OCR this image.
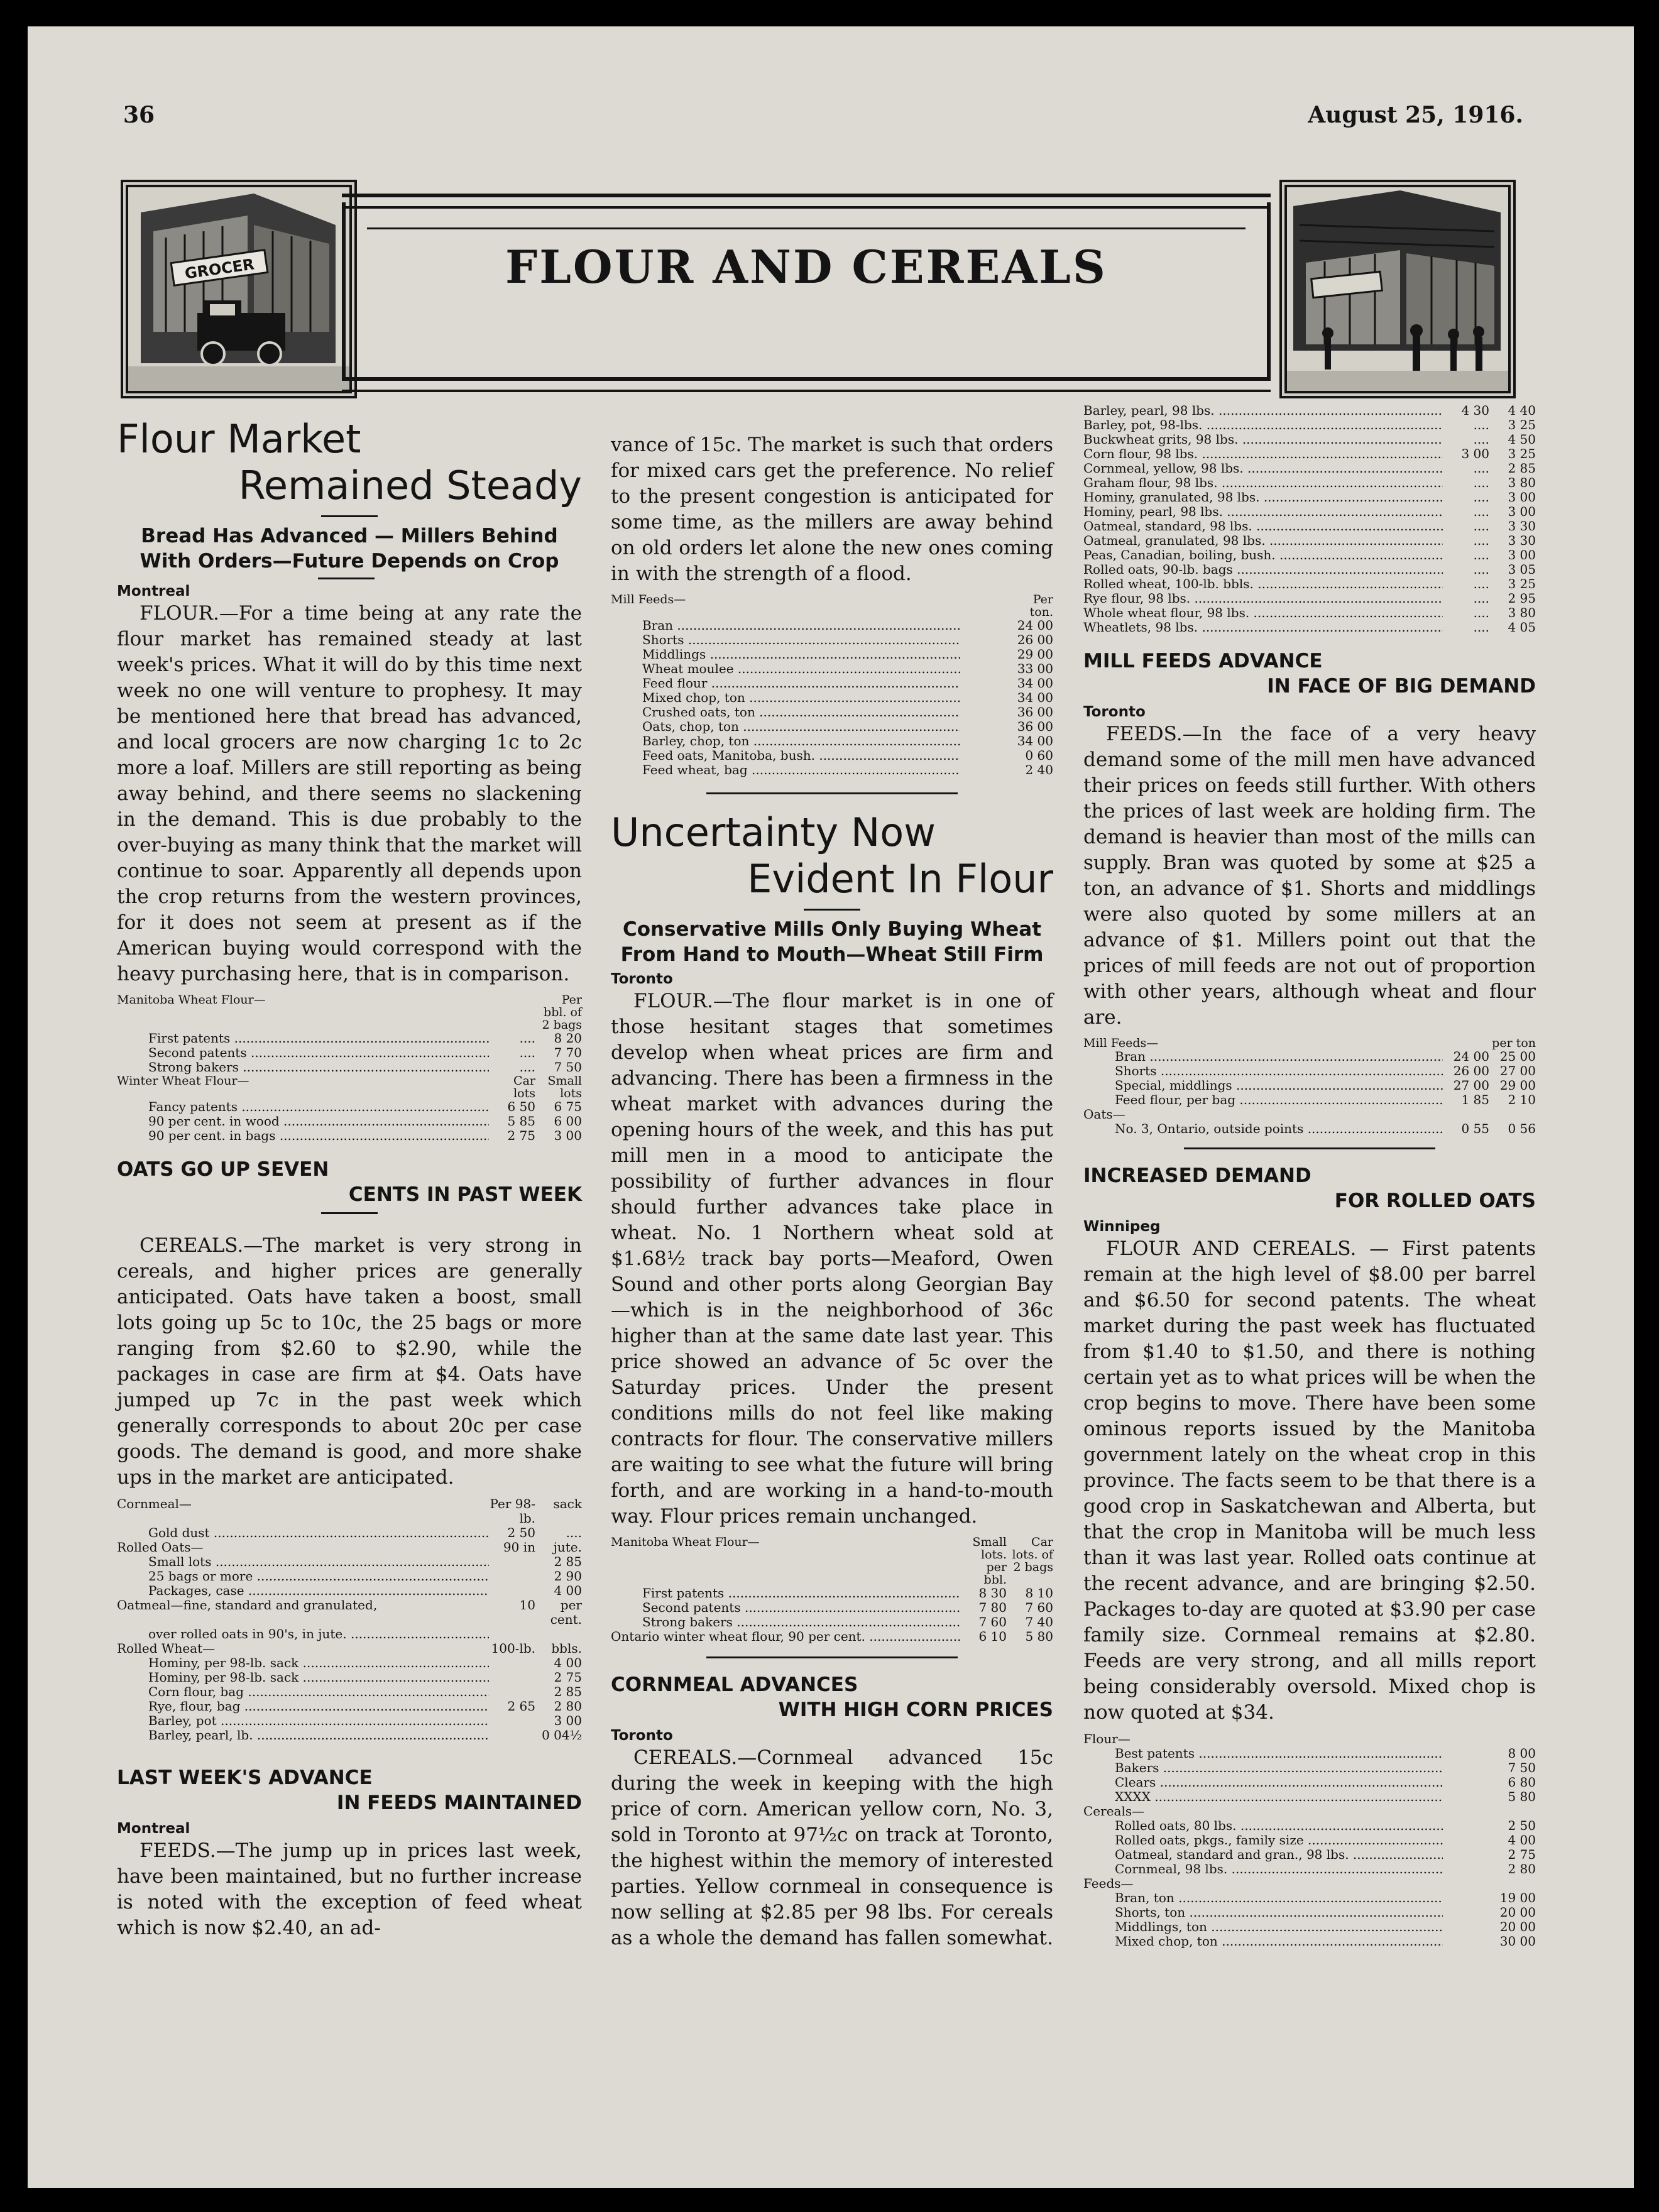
36	August 25, 1916.
GROCER	FLOUR AND CEREALS
Flour Market
Remained Steady
Bread Has Advanced — Millers Behind With Orders—Future Depends on Crop
Montreal

FLOUR.—For a time being at any rate the flour market has remained steady at last week's prices. What it will do by this time next week no one will venture to prophesy. It may be mentioned here that bread has advanced, and local grocers are now charging 1c to 2c more a loaf. Millers are still reporting as being away behind, and there seems no slackening in the demand. This is due probably to the over-buying as many think that the market will continue to soar. Apparently all depends upon the crop returns from the western provinces, for it does not seem at present as if the American buying would correspond with the heavy purchasing here, that is in comparison.

Manitoba Wheat Flour—	Per bbl. of 2 bags
First patents .....	....	8 20
Second patents .....	....	7 70
Strong bakers .....	....	7 50
Winter Wheat Flour—	Car lots
Small lots
Fancy patents .....	6 50	6 75
90 per cent. in wood .....	5 85	6 00
90 per cent. in bags .....	2 75	3 00
OATS GO UP SEVEN
CENTS IN PAST WEEK

CEREALS.—The market is very strong in cereals, and higher prices are generally anticipated. Oats have taken a boost, small lots going up 5c to 10c, the 25 bags or more ranging from $2.60 to $2.90, while the packages in case are firm at $4. Oats have jumped up 7c in the past week which generally corresponds to about 20c per case goods. The demand is good, and more shake ups in the market are anticipated.

Cornmeal—	Per 98-lb.
sack
Gold dust .....	2 50	....
Rolled Oats—	90 in	jute.
Small lots .....	2 85
25 bags or more .....	2 90
Packages, case .....	4 00
Oatmeal—fine, standard and granulated,	10	per cent.
over rolled oats in 90's, in jute. .....
Rolled Wheat—	100-lb.	bbls.
Hominy, per 98-lb. sack .....	4 00
Hominy, per 98-lb. sack .....	2 75
Corn flour, bag .....	2 85
Rye, flour, bag .....	2 65	2 80
Barley, pot .....	3 00
Barley, pearl, lb. .....	0 04½
LAST WEEK'S ADVANCE
IN FEEDS MAINTAINED
Montreal

FEEDS.—The jump up in prices last week, have been maintained, but no further increase is noted with the exception of feed wheat which is now $2.40, an ad-

vance of 15c. The market is such that orders for mixed cars get the preference. No relief to the present congestion is anticipated for some time, as the millers are away behind on old orders let alone the new ones coming in with the strength of a flood.

Mill Feeds—	Per ton.
Bran .....	24 00
Shorts .....	26 00
Middlings .....	29 00
Wheat moulee .....	33 00
Feed flour .....	34 00
Mixed chop, ton .....	34 00
Crushed oats, ton .....	36 00
Oats, chop, ton .....	36 00
Barley, chop, ton .....	34 00
Feed oats, Manitoba, bush. .....	0 60
Feed wheat, bag .....	2 40
Uncertainty Now
Evident In Flour
Conservative Mills Only Buying Wheat From Hand to Mouth—Wheat Still Firm
Toronto

FLOUR.—The flour market is in one of those hesitant stages that sometimes develop when wheat prices are firm and advancing. There has been a firmness in the wheat market with advances during the opening hours of the week, and this has put mill men in a mood to anticipate the possibility of further advances in flour should further advances take place in wheat. No. 1 Northern wheat sold at $1.68½ track bay ports—Meaford, Owen Sound and other ports along Georgian Bay—which is in the neighborhood of 36c higher than at the same date last year. This price showed an advance of 5c over the Saturday prices. Under the present conditions mills do not feel like making contracts for flour. The conservative millers are waiting to see what the future will bring forth, and are working in a hand-to-mouth way. Flour prices remain unchanged.

Manitoba Wheat Flour—	Small lots. per bbl.
Car lots. of 2 bags
First patents .....	8 30	8 10
Second patents .....	7 80	7 60
Strong bakers .....	7 60	7 40
Ontario winter wheat flour, 90 per cent. .....	6 10	5 80
CORNMEAL ADVANCES
WITH HIGH CORN PRICES
Toronto

CEREALS.—Cornmeal advanced 15c during the week in keeping with the high price of corn. American yellow corn, No. 3, sold in Toronto at 97½c on track at Toronto, the highest within the memory of interested parties. Yellow cornmeal in consequence is now selling at $2.85 per 98 lbs. For cereals as a whole the demand has fallen somewhat.

Barley, pearl, 98 lbs. .....	4 30	4 40
Barley, pot, 98-lbs. .....	....	3 25
Buckwheat grits, 98 lbs. .....	....	4 50
Corn flour, 98 lbs. .....	3 00	3 25
Cornmeal, yellow, 98 lbs. .....	....	2 85
Graham flour, 98 lbs. .....	....	3 80
Hominy, granulated, 98 lbs. .....	....	3 00
Hominy, pearl, 98 lbs. .....	....	3 00
Oatmeal, standard, 98 lbs. .....	....	3 30
Oatmeal, granulated, 98 lbs. .....	....	3 30
Peas, Canadian, boiling, bush. .....	....	3 00
Rolled oats, 90-lb. bags .....	....	3 05
Rolled wheat, 100-lb. bbls. .....	....	3 25
Rye flour, 98 lbs. .....	....	2 95
Whole wheat flour, 98 lbs. .....	....	3 80
Wheatlets, 98 lbs. .....	....	4 05
MILL FEEDS ADVANCE
IN FACE OF BIG DEMAND
Toronto

FEEDS.—In the face of a very heavy demand some of the mill men have advanced their prices on feeds still further. With others the prices of last week are holding firm. The demand is heavier than most of the mills can supply. Bran was quoted by some at $25 a ton, an advance of $1. Shorts and middlings were also quoted by some millers at an advance of $1. Millers point out that the prices of mill feeds are not out of proportion with other years, although wheat and flour are.

Mill Feeds—	per ton
Bran .....	24 00 25 00
Shorts .....	26 00 27 00
Special, middlings .....	27 00 29 00
Feed flour, per bag .....	1 85	2 10
Oats—
No. 3, Ontario, outside points .....	0 55	0 56
INCREASED DEMAND
FOR ROLLED OATS
Winnipeg

FLOUR AND CEREALS. — First patents remain at the high level of $8.00 per barrel and $6.50 for second patents. The wheat market during the past week has fluctuated from $1.40 to $1.50, and there is nothing certain yet as to what prices will be when the crop begins to move. There have been some ominous reports issued by the Manitoba government lately on the wheat crop in this province. The facts seem to be that there is a good crop in Saskatchewan and Alberta, but that the crop in Manitoba will be much less than it was last year. Rolled oats continue at the recent advance, and are bringing $2.50. Packages to-day are quoted at $3.90 per case family size. Cornmeal remains at $2.80. Feeds are very strong, and all mills report being considerably oversold. Mixed chop is now quoted at $34.

Flour—
Best patents .....	8 00
Bakers .....	7 50
Clears .....	6 80
XXXX .....	5 80
Cereals—
Rolled oats, 80 lbs. .....	2 50
Rolled oats, pkgs., family size .....	4 00
Oatmeal, standard and gran., 98 lbs. .....	2 75
Cornmeal, 98 lbs. .....	2 80
Feeds—
Bran, ton .....	19 00
Shorts, ton .....	20 00
Middlings, ton .....	20 00
Mixed chop, ton .....	30 00
